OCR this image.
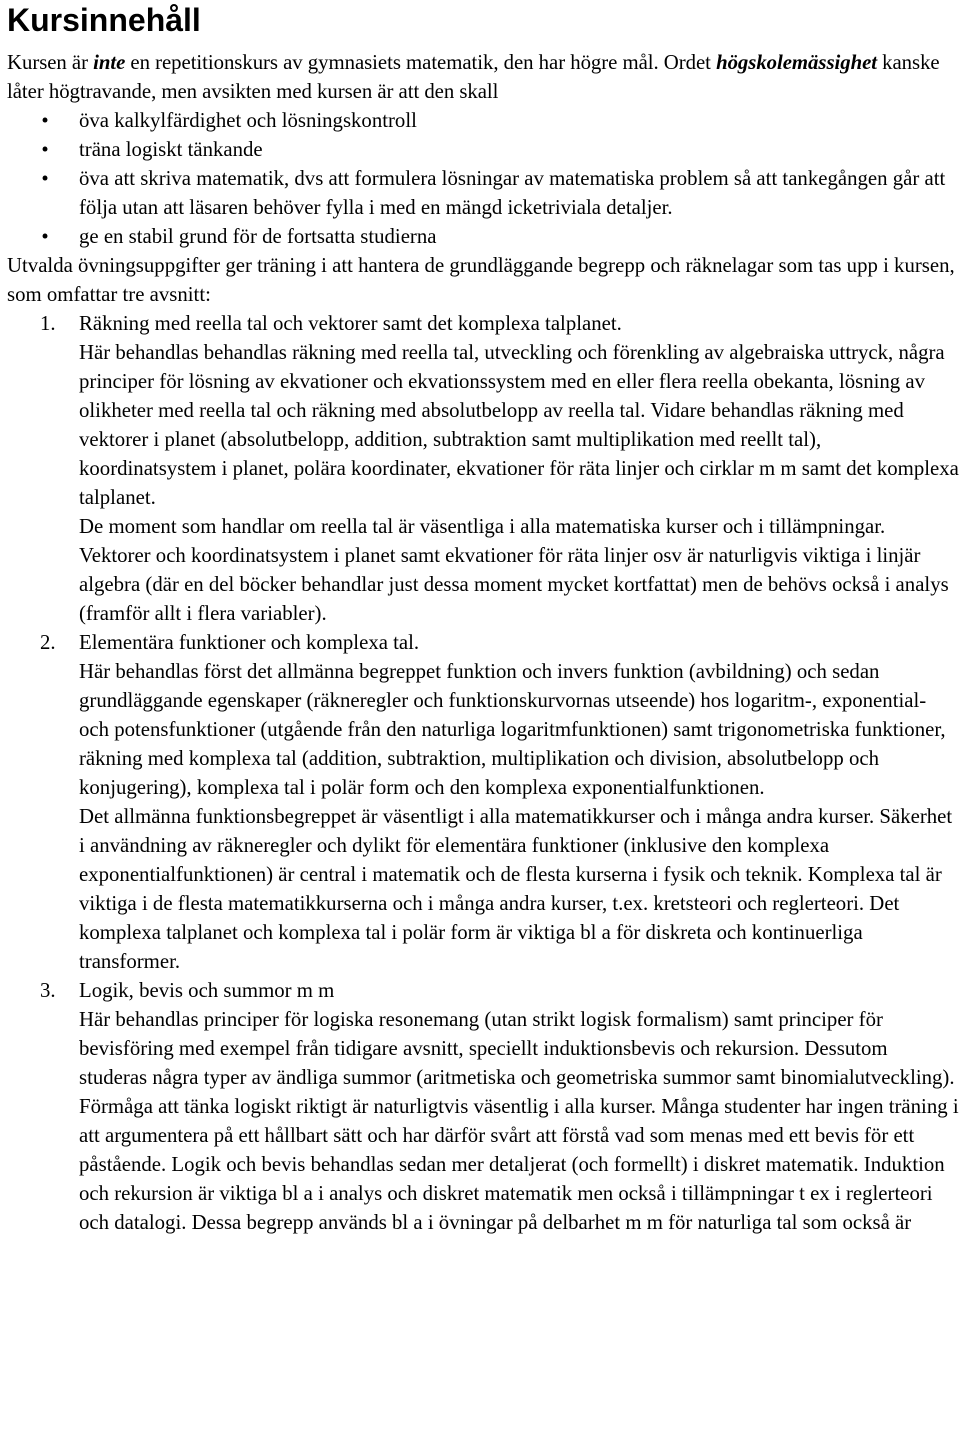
Kursinnehåll

Kursen är inte en repetitionskurs av gymnasiets matematik, den har högre mål. Ordet högskolemässighet kanske låter högtravande, men avsikten med kursen är att den skall

• öva kalkylfärdighet och lösningskontroll
• träna logiskt tänkande
• öva att skriva matematik, dvs att formulera lösningar av matematiska problem så att tankegången går att följa utan att läsaren behöver fylla i med en mängd icketriviala detaljer.
• ge en stabil grund för de fortsatta studierna

Utvalda övningsuppgifter ger träning i att hantera de grundläggande begrepp och räknelagar som tas upp i kursen, som omfattar tre avsnitt:

1. Räkning med reella tal och vektorer samt det komplexa talplanet.
Här behandlas behandlas räkning med reella tal, utveckling och förenkling av algebraiska uttryck, några principer för lösning av ekvationer och ekvationssystem med en eller flera reella obekanta, lösning av olikheter med reella tal och räkning med absolutbelopp av reella tal. Vidare behandlas räkning med vektorer i planet (absolutbelopp, addition, subtraktion samt multiplikation med reellt tal), koordinatsystem i planet, polära koordinater, ekvationer för räta linjer och cirklar m m samt det komplexa talplanet.
De moment som handlar om reella tal är väsentliga i alla matematiska kurser och i tillämpningar. Vektorer och koordinatsystem i planet samt ekvationer för räta linjer osv är naturligvis viktiga i linjär algebra (där en del böcker behandlar just dessa moment mycket kortfattat) men de behövs också i analys (framför allt i flera variabler).
2. Elementära funktioner och komplexa tal.
Här behandlas först det allmänna begreppet funktion och invers funktion (avbildning) och sedan grundläggande egenskaper (räkneregler och funktionskurvornas utseende) hos logaritm-, exponential- och potensfunktioner (utgående från den naturliga logaritmfunktionen) samt trigonometriska funktioner, räkning med komplexa tal (addition, subtraktion, multiplikation och division, absolutbelopp och konjugering), komplexa tal i polär form och den komplexa exponentialfunktionen.
Det allmänna funktionsbegreppet är väsentligt i alla matematikkurser och i många andra kurser. Säkerhet i användning av räkneregler och dylikt för elementära funktioner (inklusive den komplexa exponentialfunktionen) är central i matematik och de flesta kurserna i fysik och teknik. Komplexa tal är viktiga i de flesta matematikkurserna och i många andra kurser, t.ex. kretsteori och reglerteori. Det komplexa talplanet och komplexa tal i polär form är viktiga bl a för diskreta och kontinuerliga transformer.
3. Logik, bevis och summor m m
Här behandlas principer för logiska resonemang (utan strikt logisk formalism) samt principer för bevisföring med exempel från tidigare avsnitt, speciellt induktionsbevis och rekursion. Dessutom studeras några typer av ändliga summor (aritmetiska och geometriska summor samt binomialutveckling).
Förmåga att tänka logiskt riktigt är naturligtvis väsentlig i alla kurser. Många studenter har ingen träning i att argumentera på ett hållbart sätt och har därför svårt att förstå vad som menas med ett bevis för ett påstående. Logik och bevis behandlas sedan mer detaljerat (och formellt) i diskret matematik. Induktion och rekursion är viktiga bl a i analys och diskret matematik men också i tillämpningar t ex i reglerteori och datalogi. Dessa begrepp används bl a i övningar på delbarhet m m för naturliga tal som också är
